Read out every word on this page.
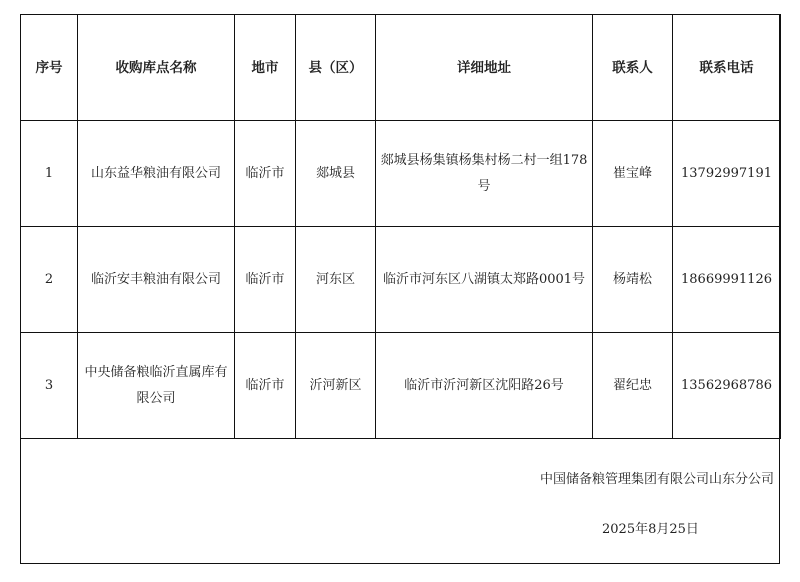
序号	收购库点名称	地市	县（区）	详细地址	联系人	联系电话
1	山东益华粮油有限公司	临沂市	郯城县	郯城县杨集镇杨集村杨二村一组178号	崔宝峰	13792997191
2	临沂安丰粮油有限公司	临沂市	河东区	临沂市河东区八湖镇太郑路0001号	杨靖松	18669991126
3	中央储备粮临沂直属库有限公司	临沂市	沂河新区	临沂市沂河新区沈阳路26号	翟纪忠	13562968786
中国储备粮管理集团有限公司山东分公司
2025年8月25日
